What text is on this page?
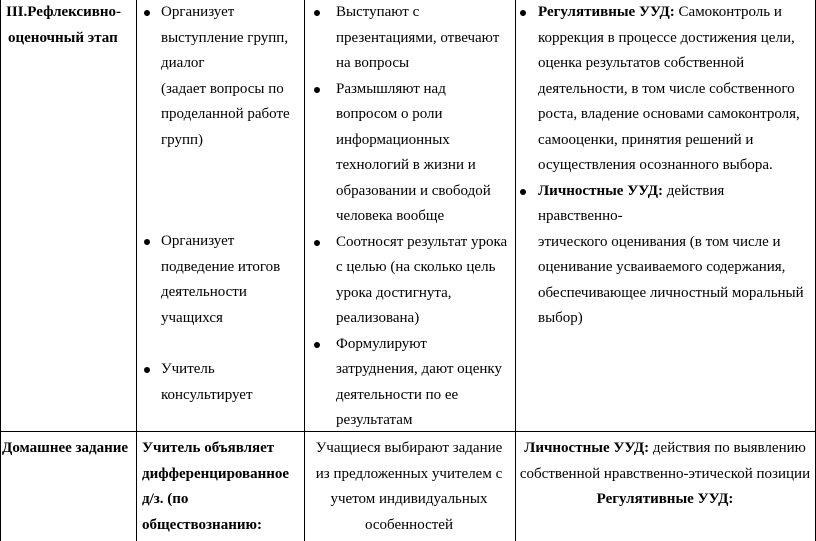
III.Рефлексивно-
оценочный этап
Организует
выступление групп,
диалог
(задает вопросы по
проделанной работе
групп)
Организует
подведение итогов
деятельности
учащихся
Учитель
консультирует
Выступают с
презентациями, отвечают
на вопросы
Размышляют над
вопросом о роли
информационных
технологий в жизни и
образовании и свободой
человека вообще
Соотносят результат урока
с целью (на сколько цель
урока достигнута,
реализована)
Формулируют
затруднения, дают оценку
деятельности по ее
результатам
Регулятивные УУД: Самоконтроль и
коррекция в процессе достижения цели,
оценка результатов собственной
деятельности, в том числе собственного
роста, владение основами самоконтроля,
самооценки, принятия решений и
осуществления осознанного выбора.
Личностные УУД: действия нравственно-
этического оценивания (в том числе и
оценивание усваиваемого содержания,
обеспечивающее личностный моральный
выбор)
Домашнее задание Учитель объявляет
дифференцированное
д/з. (по
обществознанию:
Учащиеся выбирают задание
из предложенных учителем с
учетом индивидуальных
особенностей
Личностные УУД: действия по выявлению
собственной нравственно-этической позиции
Регулятивные УУД:
